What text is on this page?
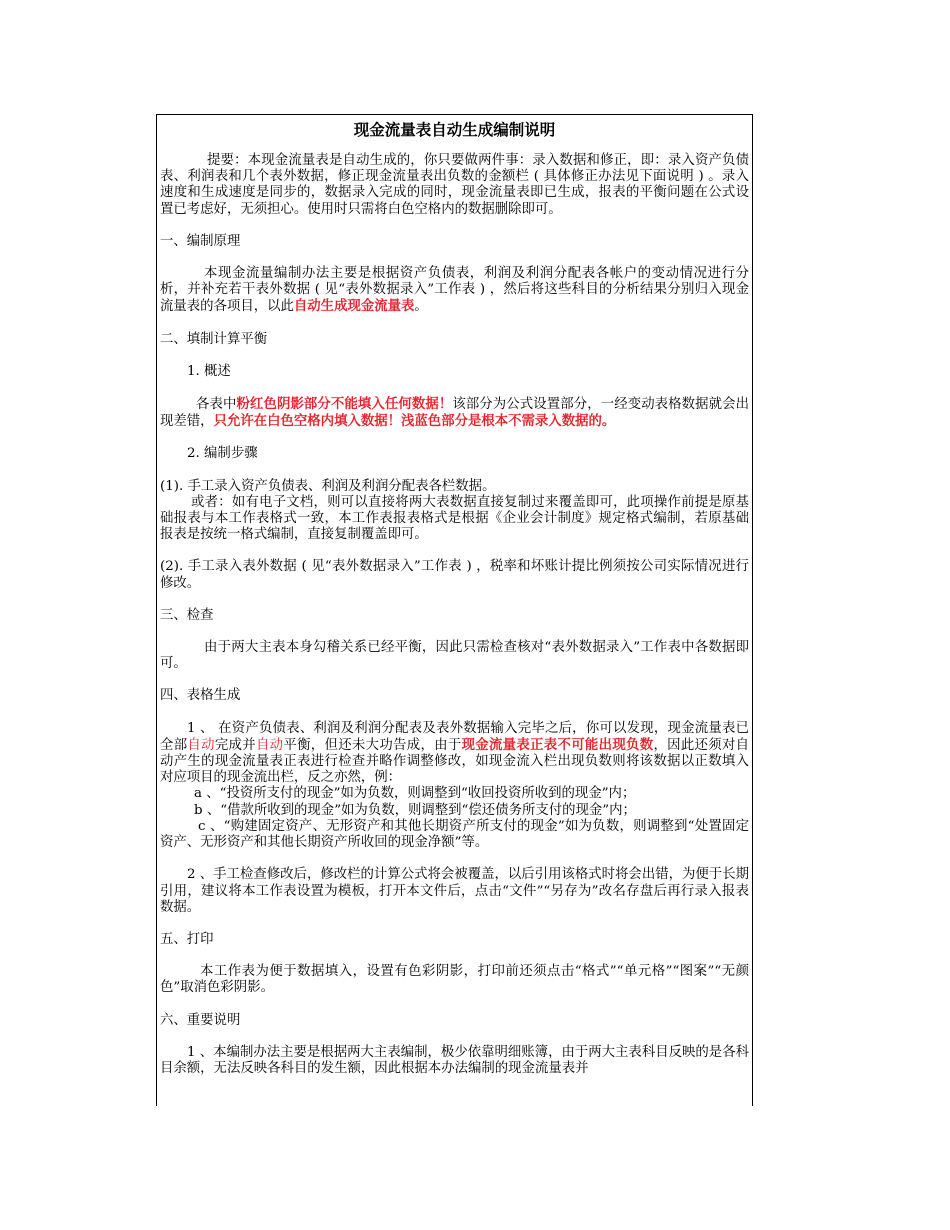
现金流量表自动生成编制说明

提要：本现金流量表是自动生成的，你只要做两件事：录入数据和修正，即：录入资产负债表、利润表和几个表外数据，修正现金流量表出负数的金额栏 ( 具体修正办法见下面说明 ) 。录入速度和生成速度是同步的，数据录入完成的同时，现金流量表即已生成，报表的平衡问题在公式设置已考虑好，无须担心。使用时只需将白色空格内的数据删除即可。

一、编制原理

本现金流量编制办法主要是根据资产负债表，利润及利润分配表各帐户的变动情况进行分析，并补充若干表外数据 ( 见“表外数据录入”工作表 ) ，然后将这些科目的分析结果分别归入现金流量表的各项目，以此自动生成现金流量表。

二、填制计算平衡

1. 概述

各表中粉红色阴影部分不能填入任何数据！该部分为公式设置部分，一经变动表格数据就会出现差错，只允许在白色空格内填入数据！浅蓝色部分是根本不需录入数据的。

2. 编制步骤

(1). 手工录入资产负债表、利润及利润分配表各栏数据。

或者：如有电子文档，则可以直接将两大表数据直接复制过来覆盖即可，此项操作前提是原基础报表与本工作表格式一致，本工作表报表格式是根据《企业会计制度》规定格式编制，若原基础报表是按统一格式编制，直接复制覆盖即可。

(2). 手工录入表外数据 ( 见“表外数据录入”工作表 ) ，税率和坏账计提比例须按公司实际情况进行修改。

三、检查

由于两大主表本身勾稽关系已经平衡，因此只需检查核对“表外数据录入”工作表中各数据即可。

四、表格生成

1 、 在资产负债表、利润及利润分配表及表外数据输入完毕之后，你可以发现，现金流量表已全部自动完成并自动平衡，但还未大功告成，由于现金流量表正表不可能出现负数，因此还须对自动产生的现金流量表正表进行检查并略作调整修改，如现金流入栏出现负数则将该数据以正数填入对应项目的现金流出栏，反之亦然，例：

a 、“投资所支付的现金”如为负数，则调整到“收回投资所收到的现金”内；

b 、“借款所收到的现金”如为负数，则调整到“偿还债务所支付的现金”内；

c 、“购建固定资产、无形资产和其他长期资产所支付的现金”如为负数，则调整到“处置固定资产、无形资产和其他长期资产所收回的现金净额”等。

2 、手工检查修改后，修改栏的计算公式将会被覆盖，以后引用该格式时将会出错，为便于长期引用，建议将本工作表设置为模板，打开本文件后，点击“文件”“另存为”改名存盘后再行录入报表数据。

五、打印

本工作表为便于数据填入，设置有色彩阴影，打印前还须点击“格式”“单元格”“图案”“无颜色”取消色彩阴影。

六、重要说明

1 、本编制办法主要是根据两大主表编制，极少依靠明细账簿，由于两大主表科目反映的是各科目余额，无法反映各科目的发生额，因此根据本办法编制的现金流量表并
